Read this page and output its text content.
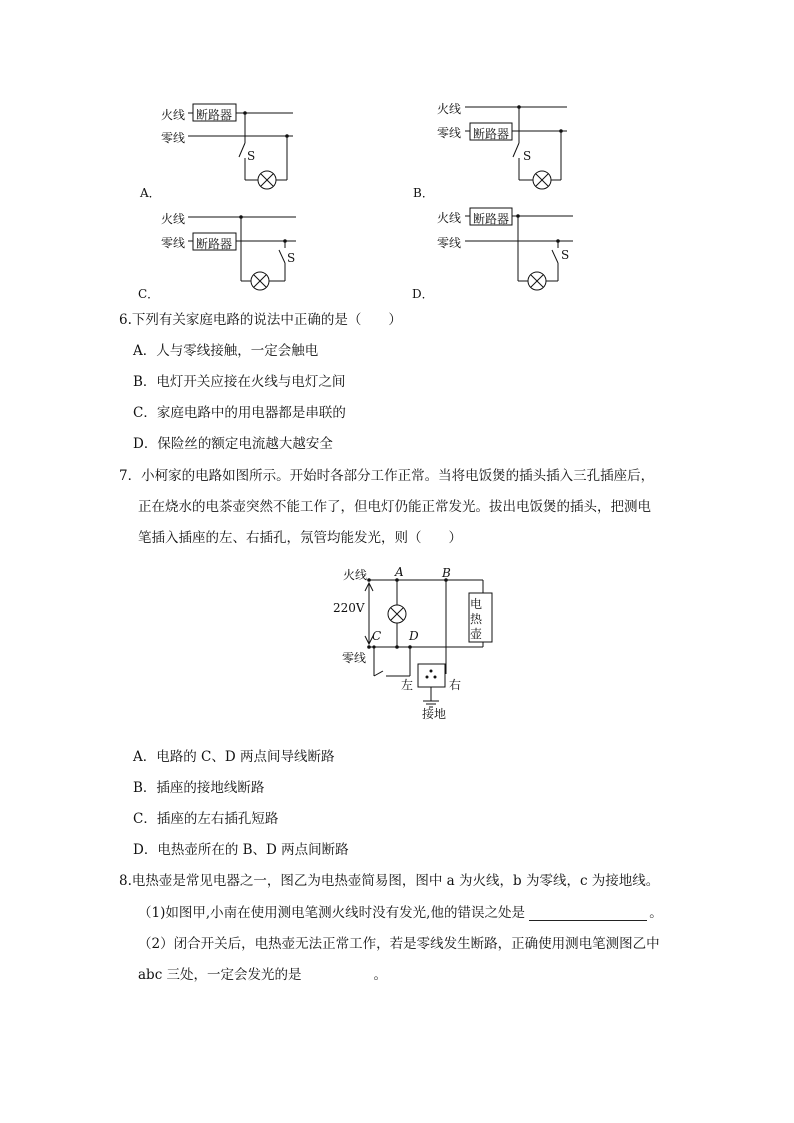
火线 断路器
零线
S
A．
火线
零线 断路器
S
B．
火线
零线 断路器
S
C．
火线 断路器
零线
S
D．
6.下列有关家庭电路的说法中正确的是（　　）
A．人与零线接触，一定会触电
B．电灯开关应接在火线与电灯之间
C．家庭电路中的用电器都是串联的
D．保险丝的额定电流越大越安全
7．小柯家的电路如图所示。开始时各部分工作正常。当将电饭煲的插头插入三孔插座后，
正在烧水的电茶壶突然不能工作了，但电灯仍能正常发光。拔出电饭煲的插头，把测电
笔插入插座的左、右插孔，氖管均能发光，则（　　）
火线 A	B
220V	电
热
壶
C D
零线
左	右
接地
A．电路的 C、D 两点间导线断路
B．插座的接地线断路
C．插座的左右插孔短路
D．电热壶所在的 B、D 两点间断路
8.电热壶是常见电器之一，图乙为电热壶简易图，图中 a 为火线，b 为零线，c 为接地线。
（1)如图甲,小南在使用测电笔测火线时没有发光,他的错误之处是	。
（2）闭合开关后，电热壶无法正常工作，若是零线发生断路，正确使用测电笔测图乙中
abc 三处，一定会发光的是	。
